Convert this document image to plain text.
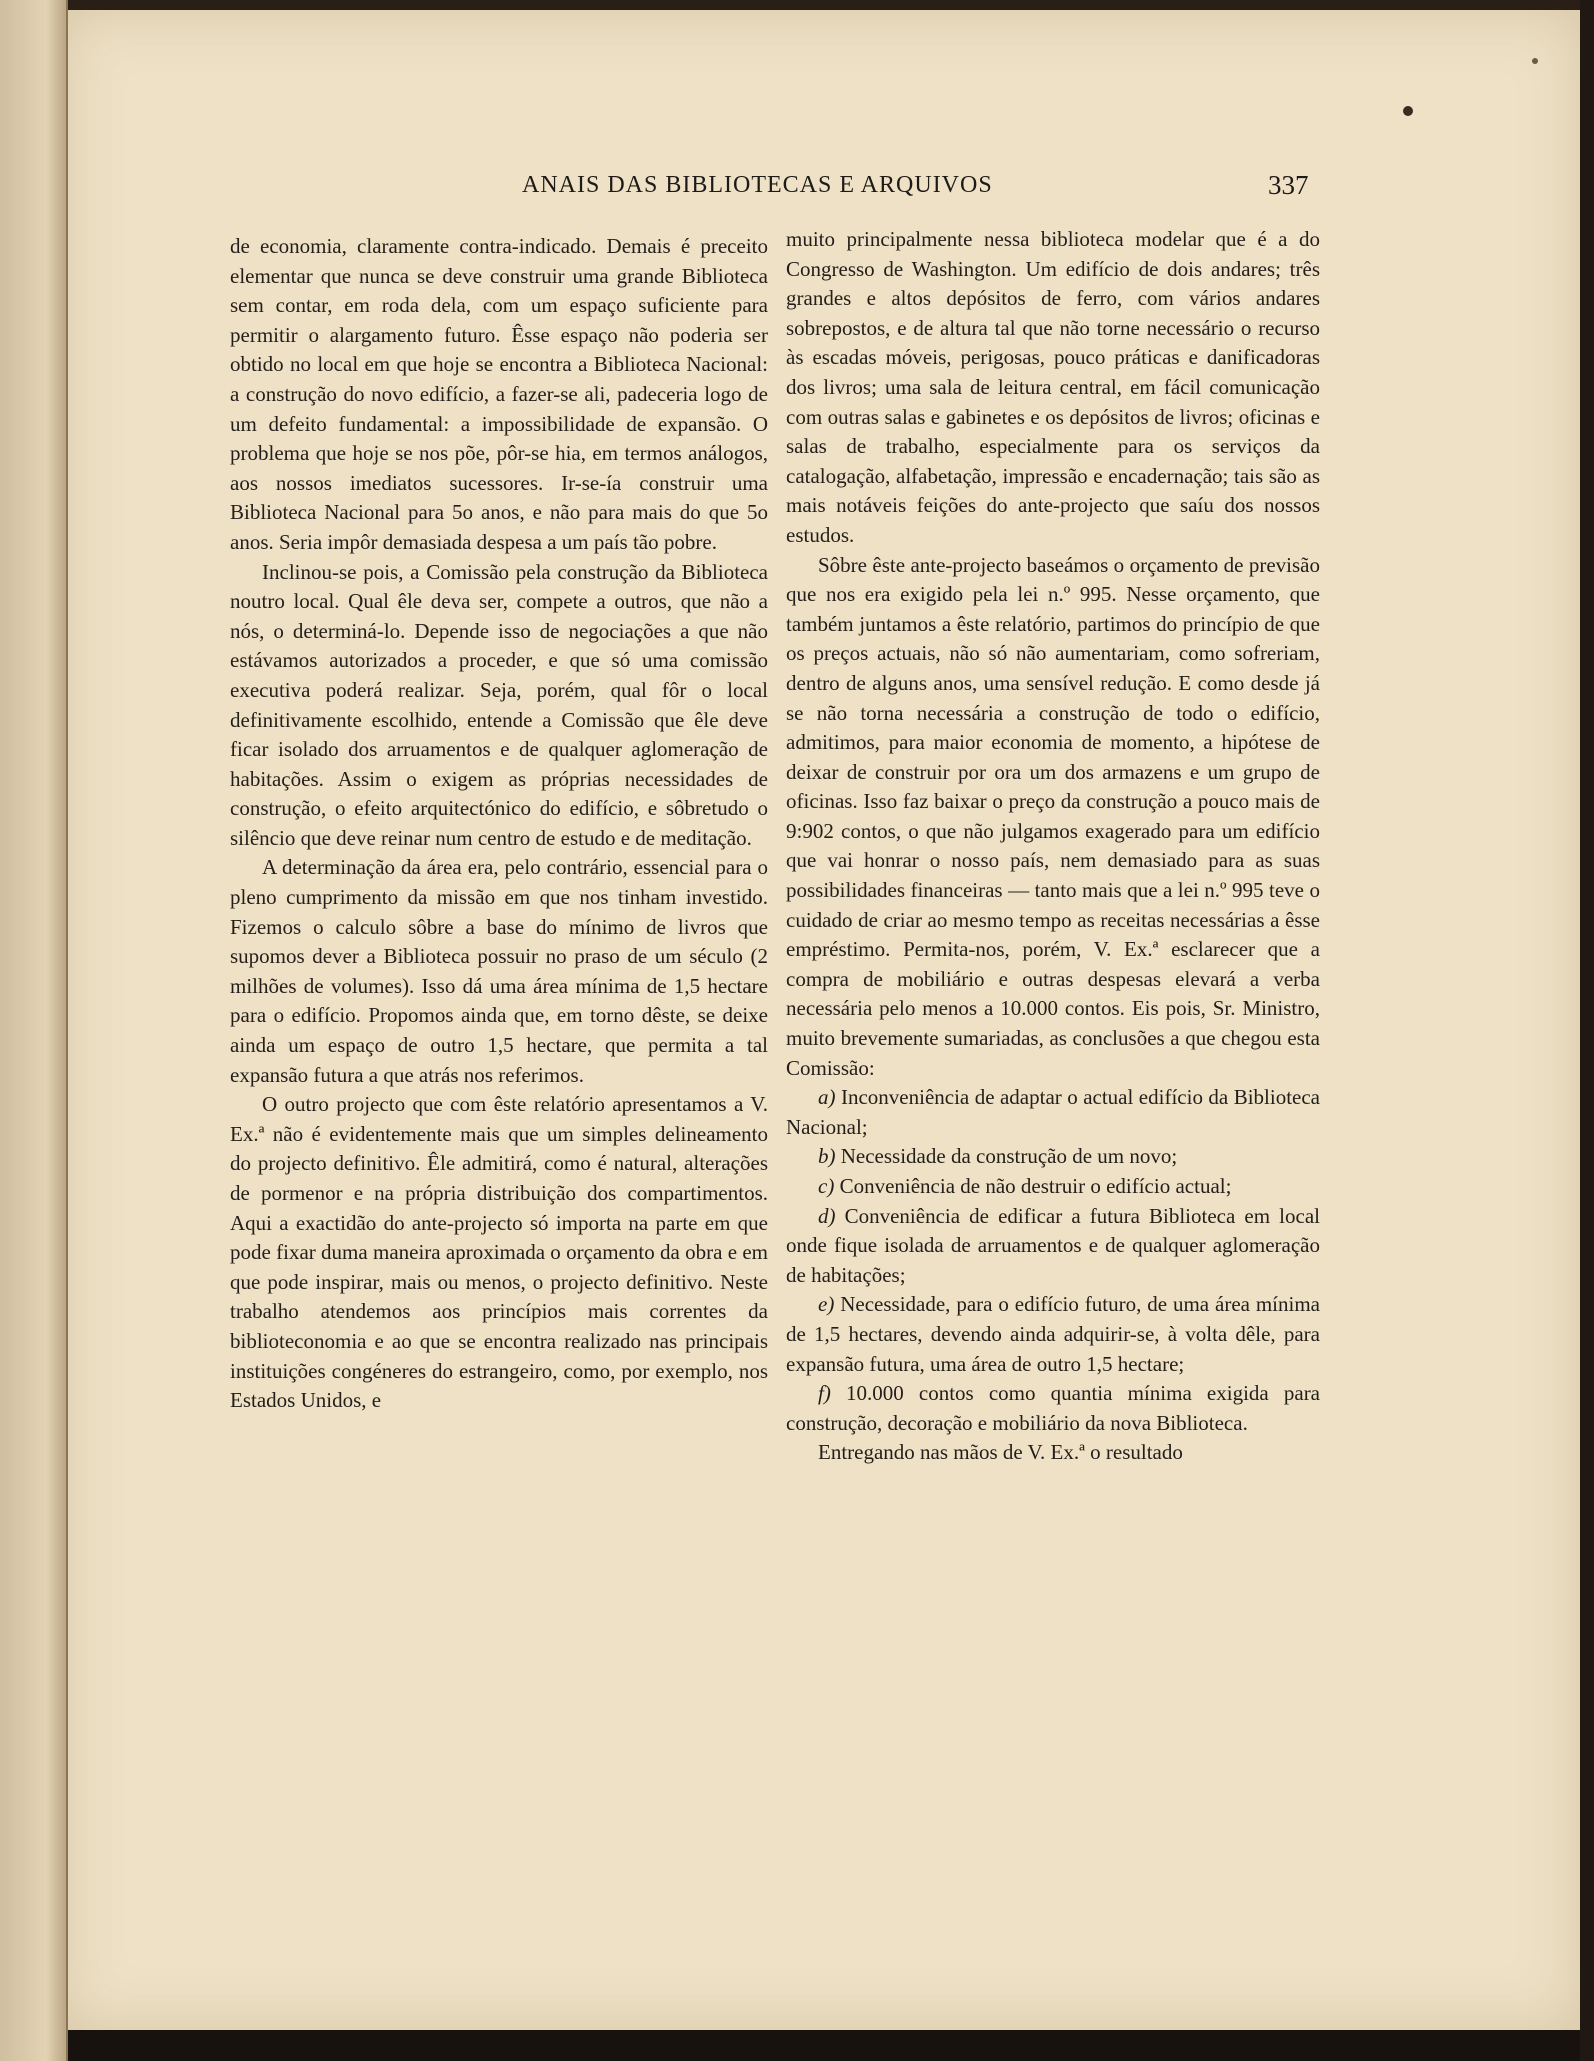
ANAIS DAS BIBLIOTECAS E ARQUIVOS	337

de economia, claramente contra-indicado. Demais é preceito elementar que nunca se deve construir uma grande Biblioteca sem contar, em roda dela, com um espaço suficiente para permitir o alargamento futuro. Êsse espaço não poderia ser obtido no local em que hoje se encontra a Biblioteca Nacional: a construção do novo edifício, a fazer-se ali, padeceria logo de um defeito fundamental: a impossibilidade de expansão. O problema que hoje se nos põe, pôr-se hia, em termos análogos, aos nossos imediatos sucessores. Ir-se-ía construir uma Biblioteca Nacional para 5o anos, e não para mais do que 5o anos. Seria impôr demasiada despesa a um país tão pobre.

Inclinou-se pois, a Comissão pela construção da Biblioteca noutro local. Qual êle deva ser, compete a outros, que não a nós, o determiná-lo. Depende isso de negociações a que não estávamos autorizados a proceder, e que só uma comissão executiva poderá realizar. Seja, porém, qual fôr o local definitivamente escolhido, entende a Comissão que êle deve ficar isolado dos arruamentos e de qualquer aglomeração de habitações. Assim o exigem as próprias necessidades de construção, o efeito arquitectónico do edifício, e sôbretudo o silêncio que deve reinar num centro de estudo e de meditação.

A determinação da área era, pelo contrário, essencial para o pleno cumprimento da missão em que nos tinham investido. Fizemos o calculo sôbre a base do mínimo de livros que supomos dever a Biblioteca possuir no praso de um século (2 milhões de volumes). Isso dá uma área mínima de 1,5 hectare para o edifício. Propomos ainda que, em torno dêste, se deixe ainda um espaço de outro 1,5 hectare, que permita a tal expansão futura a que atrás nos referimos.

O outro projecto que com êste relatório apresentamos a V. Ex.ª não é evidentemente mais que um simples delineamento do projecto definitivo. Êle admitirá, como é natural, alterações de pormenor e na própria distribuição dos compartimentos. Aqui a exactidão do ante-projecto só importa na parte em que pode fixar duma maneira aproximada o orçamento da obra e em que pode inspirar, mais ou menos, o projecto definitivo. Neste trabalho atendemos aos princípios mais correntes da biblioteconomia e ao que se encontra realizado nas principais instituições congéneres do estrangeiro, como, por exemplo, nos Estados Unidos, e

muito principalmente nessa biblioteca modelar que é a do Congresso de Washington. Um edifício de dois andares; três grandes e altos depósitos de ferro, com vários andares sobrepostos, e de altura tal que não torne necessário o recurso às escadas móveis, perigosas, pouco práticas e danificadoras dos livros; uma sala de leitura central, em fácil comunicação com outras salas e gabinetes e os depósitos de livros; oficinas e salas de trabalho, especialmente para os serviços da catalogação, alfabetação, impressão e encadernação; tais são as mais notáveis feições do ante-projecto que saíu dos nossos estudos.

Sôbre êste ante-projecto baseámos o orçamento de previsão que nos era exigido pela lei n.º 995. Nesse orçamento, que também juntamos a êste relatório, partimos do princípio de que os preços actuais, não só não aumentariam, como sofreriam, dentro de alguns anos, uma sensível redução. E como desde já se não torna necessária a construção de todo o edifício, admitimos, para maior economia de momento, a hipótese de deixar de construir por ora um dos armazens e um grupo de oficinas. Isso faz baixar o preço da construção a pouco mais de 9:902 contos, o que não julgamos exagerado para um edifício que vai honrar o nosso país, nem demasiado para as suas possibilidades financeiras — tanto mais que a lei n.º 995 teve o cuidado de criar ao mesmo tempo as receitas necessárias a êsse empréstimo. Permita-nos, porém, V. Ex.ª esclarecer que a compra de mobiliário e outras despesas elevará a verba necessária pelo menos a 10.000 contos. Eis pois, Sr. Ministro, muito brevemente sumariadas, as conclusões a que chegou esta Comissão:

a) Inconveniência de adaptar o actual edifício da Biblioteca Nacional;

b) Necessidade da construção de um novo;

c) Conveniência de não destruir o edifício actual;

d) Conveniência de edificar a futura Biblioteca em local onde fique isolada de arruamentos e de qualquer aglomeração de habitações;

e) Necessidade, para o edifício futuro, de uma área mínima de 1,5 hectares, devendo ainda adquirir-se, à volta dêle, para expansão futura, uma área de outro 1,5 hectare;

f) 10.000 contos como quantia mínima exigida para construção, decoração e mobiliário da nova Biblioteca.

Entregando nas mãos de V. Ex.ª o resultado
